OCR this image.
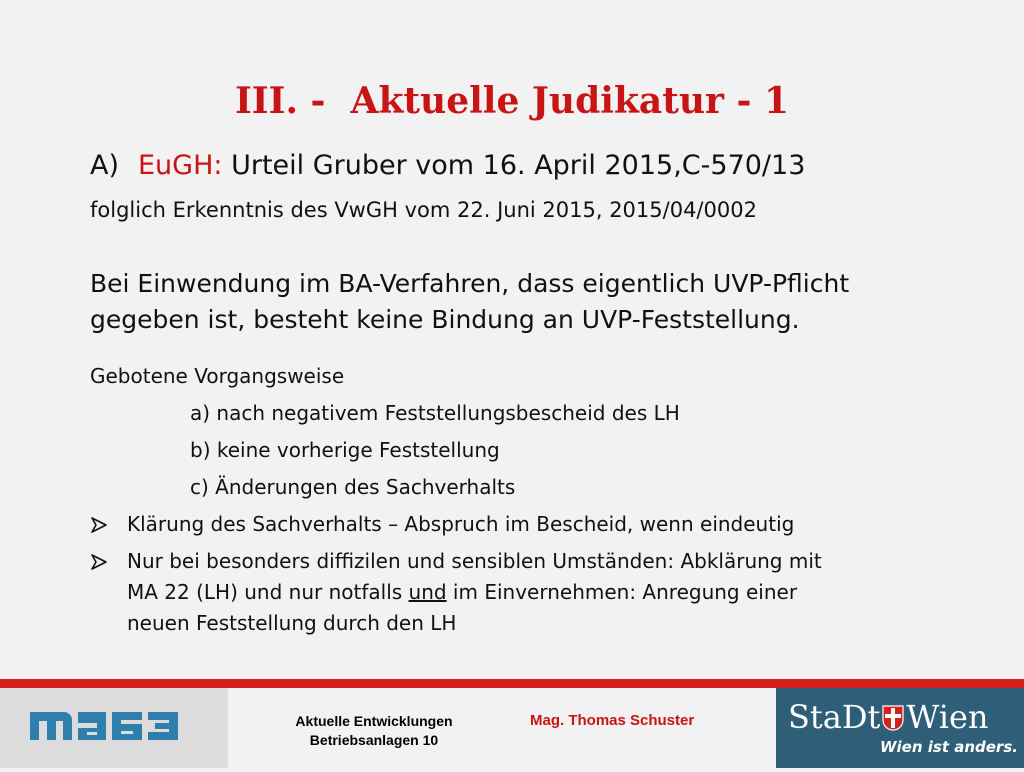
III. -  Aktuelle Judikatur - 1
A) EuGH: Urteil Gruber vom 16. April 2015,C-570/13
folglich Erkenntnis des VwGH vom 22. Juni 2015, 2015/04/0002
Bei Einwendung im BA-Verfahren, dass eigentlich UVP-Pflicht
gegeben ist, besteht keine Bindung an UVP-Feststellung.
Gebotene Vorgangsweise
a) nach negativem Feststellungsbescheid des LH
b) keine vorherige Feststellung
c) Änderungen des Sachverhalts
Klärung des Sachverhalts – Abspruch im Bescheid, wenn eindeutig
Nur bei besonders diffizilen und sensiblen Umständen: Abklärung mit
MA 22 (LH) und nur notfalls und im Einvernehmen: Anregung einer
neuen Feststellung durch den LH
Aktuelle Entwicklungen
Betriebsanlagen 10
Mag. Thomas Schuster	StaDt Wien
Wien ist anders.
